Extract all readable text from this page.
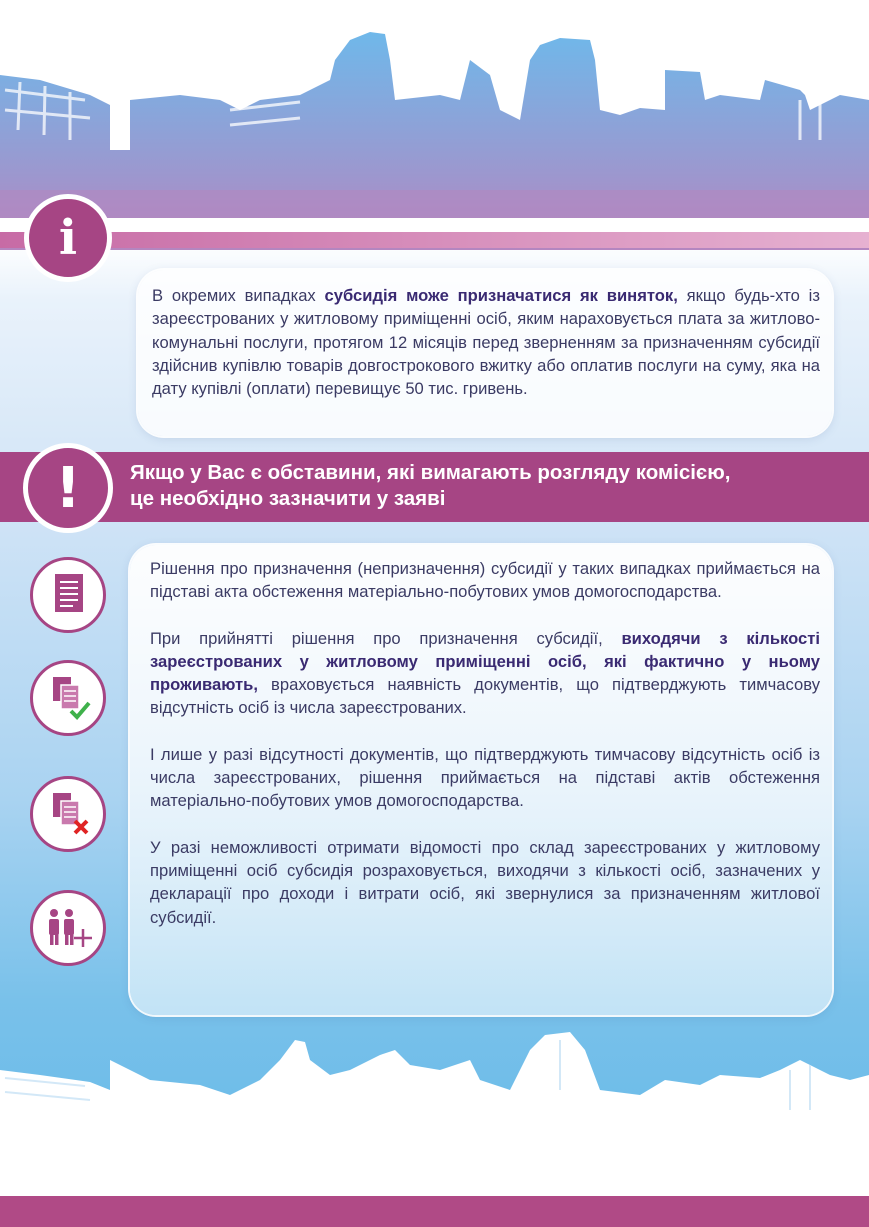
i

В окремих випадках субсидія може призначатися як виняток, якщо будь-хто із зареєстрованих у житловому приміщенні осіб, яким нараховується плата за житлово-комунальні послуги, протягом 12 місяців перед зверненням за призначенням субсидії здійснив купівлю товарів довгострокового вжитку або оплатив послуги на суму, яка на дату купівлі (оплати) перевищує 50 тис. гривень.

Якщо у Вас є обставини, які вимагають розгляду комісією,
це необхідно зазначити у заяві
!

Рішення про призначення (непризначення) субсидії у таких випадках приймається на підставі акта обстеження матеріально-побутових умов домогосподарства.

При прийнятті рішення про призначення субсидії, виходячи з кількості зареєстрованих у житловому приміщенні осіб, які фактично у ньому проживають, враховується наявність документів, що підтверджують тимчасову відсутність осіб із числа зареєстрованих.

І лише у разі відсутності документів, що підтверджують тимчасову відсутність осіб із числа зареєстрованих, рішення приймається на підставі актів обстеження матеріально-побутових умов домогосподарства.

У разі неможливості отримати відомості про склад зареєстрованих у житловому приміщенні осіб субсидія розраховується, виходячи з кількості осіб, зазначених у декларації про доходи і витрати осіб, які звернулися за призначенням житлової субсидії.
